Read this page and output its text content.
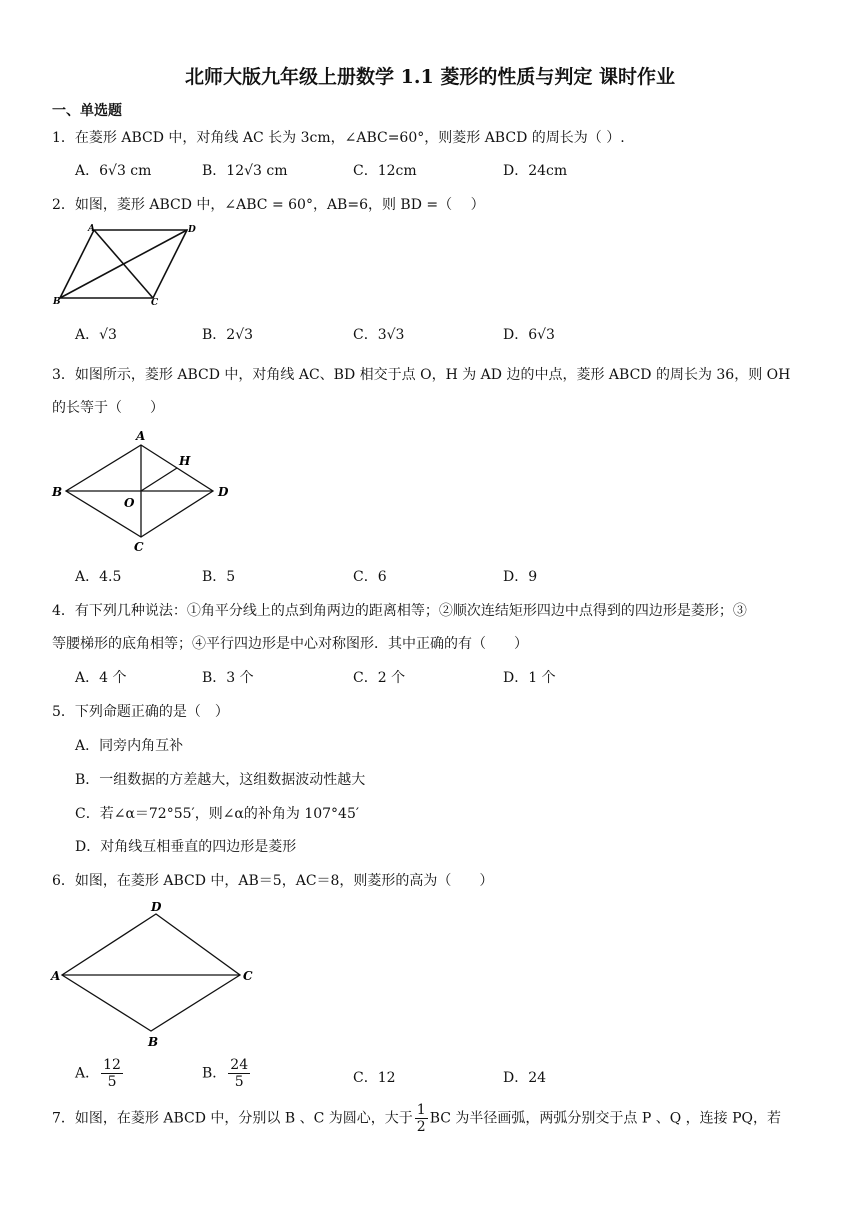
北师大版九年级上册数学 1.1 菱形的性质与判定 课时作业
一、单选题
1．在菱形 ABCD 中，对角线 AC 长为 3cm，∠ABC=60°，则菱形 ABCD 的周长为（ ）.
A．6√3 cm	B．12√3 cm	C．12cm	D．24cm
2．如图，菱形 ABCD 中，∠ABC = 60°，AB=6，则 BD =（　 ）
A	D
B	C
A．√3	B．2√3	C．3√3	D．6√3
3．如图所示，菱形 ABCD 中，对角线 AC、BD 相交于点 O，H 为 AD 边的中点，菱形 ABCD 的周长为 36，则 OH
的长等于（　　）
A
H
B	D
O
C
A．4.5	B．5	C．6	D．9
4．有下列几种说法：①角平分线上的点到角两边的距离相等；②顺次连结矩形四边中点得到的四边形是菱形；③
等腰梯形的底角相等；④平行四边形是中心对称图形．其中正确的有（　　）
A．4 个	B．3 个	C．2 个	D．1 个
5．下列命题正确的是（　）
A．同旁内角互补
B．一组数据的方差越大，这组数据波动性越大
C．若∠α＝72°55′，则∠α的补角为 107°45′
D．对角线互相垂直的四边形是菱形
6．如图，在菱形 ABCD 中，AB＝5，AC＝8，则菱形的高为（　　）
D
A	C
B
A． $\frac{12}{5}$	B． $\frac{24}{5}$	C．12	D．24
7．如图，在菱形 ABCD 中，分别以 B 、C 为圆心，大于 $\frac{1}{2}$ BC 为半径画弧，两弧分别交于点 P 、Q ，连接 PQ，若
